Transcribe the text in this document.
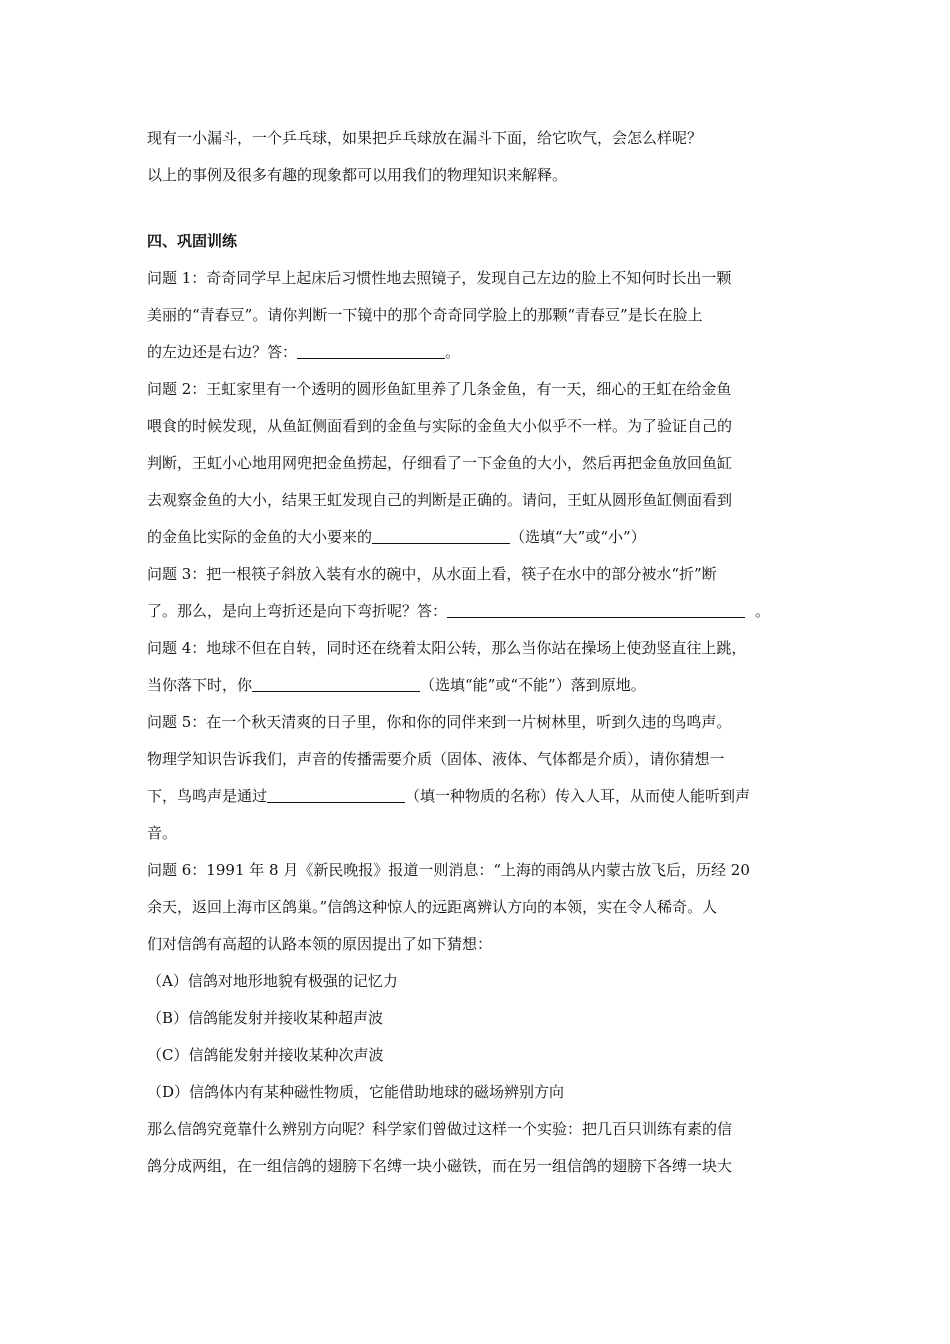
现有一小漏斗，一个乒乓球，如果把乒乓球放在漏斗下面，给它吹气，会怎么样呢？
以上的事例及很多有趣的现象都可以用我们的物理知识来解释。
四、巩固训练
问题 1：奇奇同学早上起床后习惯性地去照镜子，发现自己左边的脸上不知何时长出一颗
美丽的“青春豆”。请你判断一下镜中的那个奇奇同学脸上的那颗“青春豆”是长在脸上
的左边还是右边？答：	。
问题 2：王虹家里有一个透明的圆形鱼缸里养了几条金鱼，有一天，细心的王虹在给金鱼
喂食的时候发现，从鱼缸侧面看到的金鱼与实际的金鱼大小似乎不一样。为了验证自己的
判断，王虹小心地用网兜把金鱼捞起，仔细看了一下金鱼的大小，然后再把金鱼放回鱼缸
去观察金鱼的大小，结果王虹发现自己的判断是正确的。请问，王虹从圆形鱼缸侧面看到
的金鱼比实际的金鱼的大小要来的	（选填“大”或“小”）
问题 3：把一根筷子斜放入装有水的碗中，从水面上看，筷子在水中的部分被水“折”断
了。那么，是向上弯折还是向下弯折呢？答：	。
问题 4：地球不但在自转，同时还在绕着太阳公转，那么当你站在操场上使劲竖直往上跳，
当你落下时，你	（选填“能”或“不能”）落到原地。
问题 5：在一个秋天清爽的日子里，你和你的同伴来到一片树林里，听到久违的鸟鸣声。
物理学知识告诉我们，声音的传播需要介质（固体、液体、气体都是介质），请你猜想一
下，鸟鸣声是通过	（填一种物质的名称）传入人耳，从而使人能听到声
音。
问题 6：1991 年 8 月《新民晚报》报道一则消息：“上海的雨鸽从内蒙古放飞后，历经 20
余天，返回上海市区鸽巢。”信鸽这种惊人的远距离辨认方向的本领，实在令人稀奇。人
们对信鸽有高超的认路本领的原因提出了如下猜想：
（A）信鸽对地形地貌有极强的记忆力
（B）信鸽能发射并接收某种超声波
（C）信鸽能发射并接收某种次声波
（D）信鸽体内有某种磁性物质，它能借助地球的磁场辨别方向
那么信鸽究竟靠什么辨别方向呢？科学家们曾做过这样一个实验：把几百只训练有素的信
鸽分成两组，在一组信鸽的翅膀下名缚一块小磁铁，而在另一组信鸽的翅膀下各缚一块大
